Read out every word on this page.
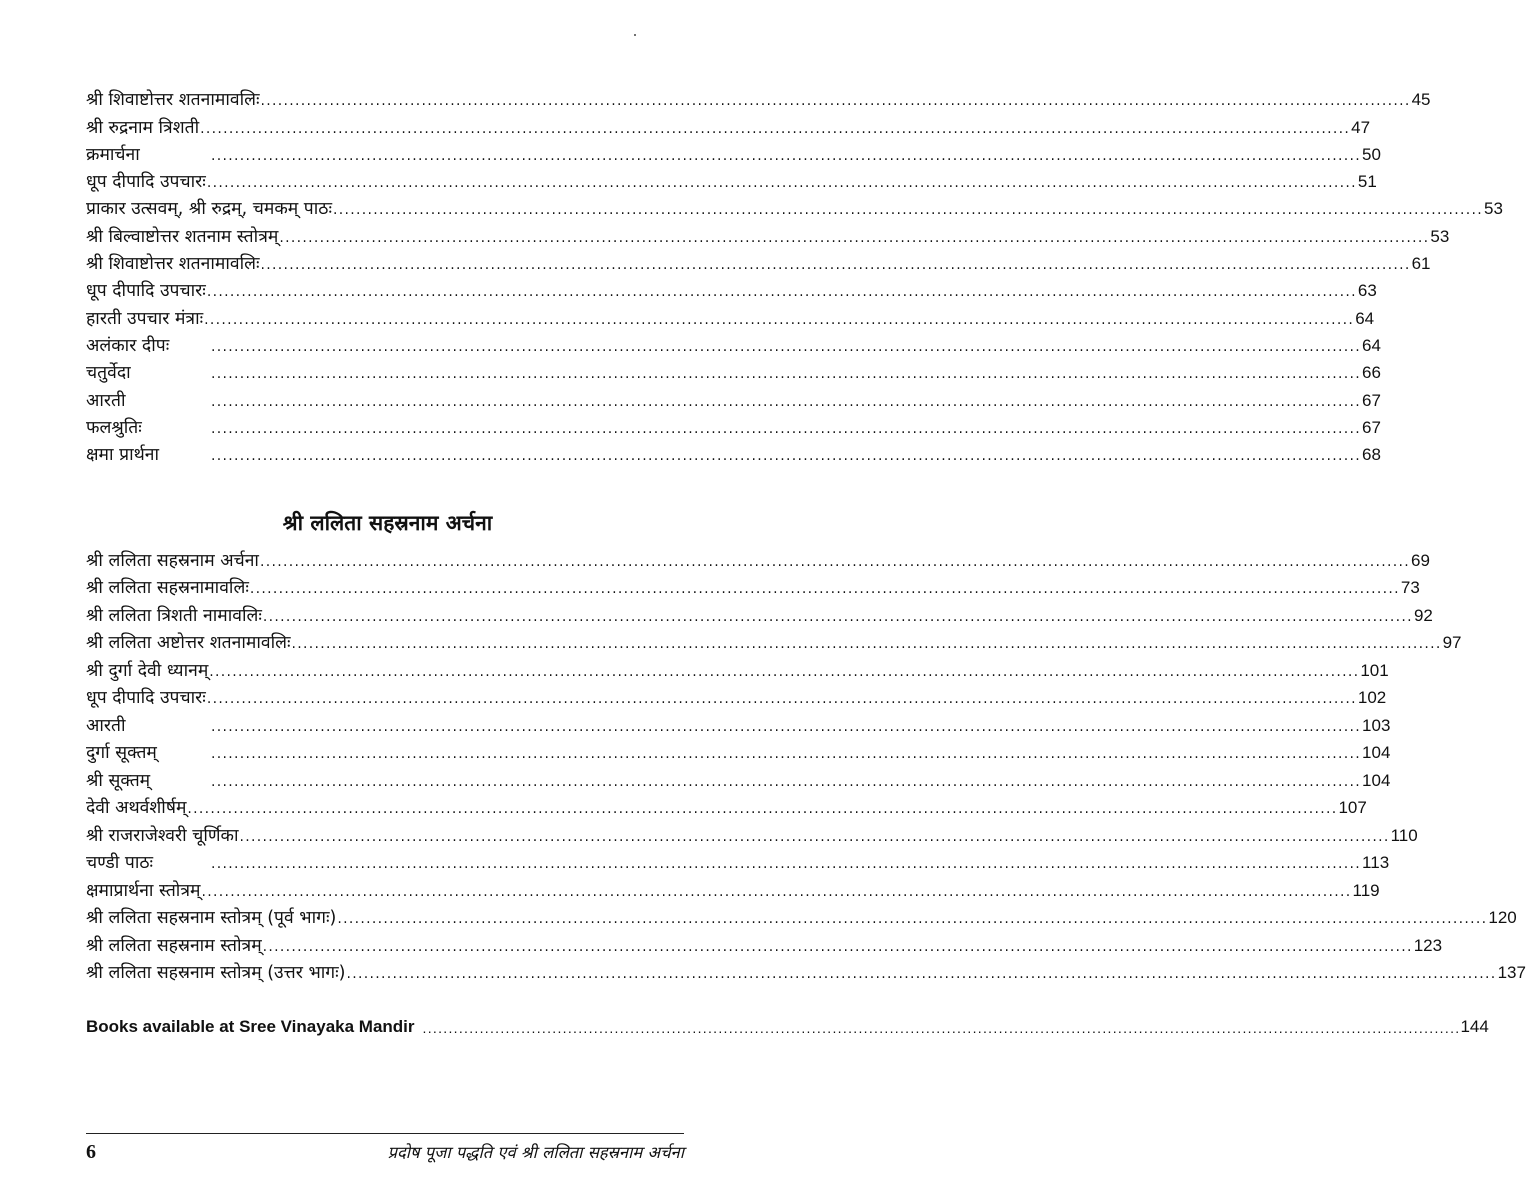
श्री शिवाष्टोत्तर शतनामावलिः ........................................................................................................................................................................................................ 45
श्री रुद्रनाम त्रिशती ........................................................................................................................................................................................................ 47
क्रमार्चना	........................................................................................................................................................................................................ 50
धूप दीपादि उपचारः ........................................................................................................................................................................................................ 51
प्राकार उत्सवम्, श्री रुद्रम्, चमकम् पाठः ........................................................................................................................................................................................................ 53
श्री बिल्वाष्टोत्तर शतनाम स्तोत्रम् ........................................................................................................................................................................................................ 53
श्री शिवाष्टोत्तर शतनामावलिः ........................................................................................................................................................................................................ 61
धूप दीपादि उपचारः ........................................................................................................................................................................................................ 63
हारती उपचार मंत्राः ........................................................................................................................................................................................................ 64
अलंकार दीपः	........................................................................................................................................................................................................ 64
चतुर्वेदा	........................................................................................................................................................................................................ 66
आरती	........................................................................................................................................................................................................ 67
फलश्रुतिः	........................................................................................................................................................................................................ 67
क्षमा प्रार्थना	........................................................................................................................................................................................................ 68
श्री ललिता सहस्रनाम अर्चना
श्री ललिता सहस्रनाम अर्चना ........................................................................................................................................................................................................ 69
श्री ललिता सहस्रनामावलिः ........................................................................................................................................................................................................ 73
श्री ललिता त्रिशती नामावलिः ........................................................................................................................................................................................................ 92
श्री ललिता अष्टोत्तर शतनामावलिः ........................................................................................................................................................................................................ 97
श्री दुर्गा देवी ध्यानम् ........................................................................................................................................................................................................ 101
धूप दीपादि उपचारः ........................................................................................................................................................................................................ 102
आरती	........................................................................................................................................................................................................ 103
दुर्गा सूक्तम्	........................................................................................................................................................................................................ 104
श्री सूक्तम्	........................................................................................................................................................................................................ 104
देवी अथर्वशीर्षम् ........................................................................................................................................................................................................ 107
श्री राजराजेश्वरी चूर्णिका ........................................................................................................................................................................................................ 110
चण्डी पाठः	........................................................................................................................................................................................................ 113
क्षमाप्रार्थना स्तोत्रम् ........................................................................................................................................................................................................ 119
श्री ललिता सहस्रनाम स्तोत्रम् (पूर्व भागः) ........................................................................................................................................................................................................ 120
श्री ललिता सहस्रनाम स्तोत्रम् ........................................................................................................................................................................................................ 123
श्री ललिता सहस्रनाम स्तोत्रम् (उत्तर भागः) ........................................................................................................................................................................................................ 137
Books available at Sree Vinayaka Mandir ........................................................................................................................................................................................................ 144
6	प्रदोष पूजा पद्धति एवं श्री ललिता सहस्रनाम अर्चना
